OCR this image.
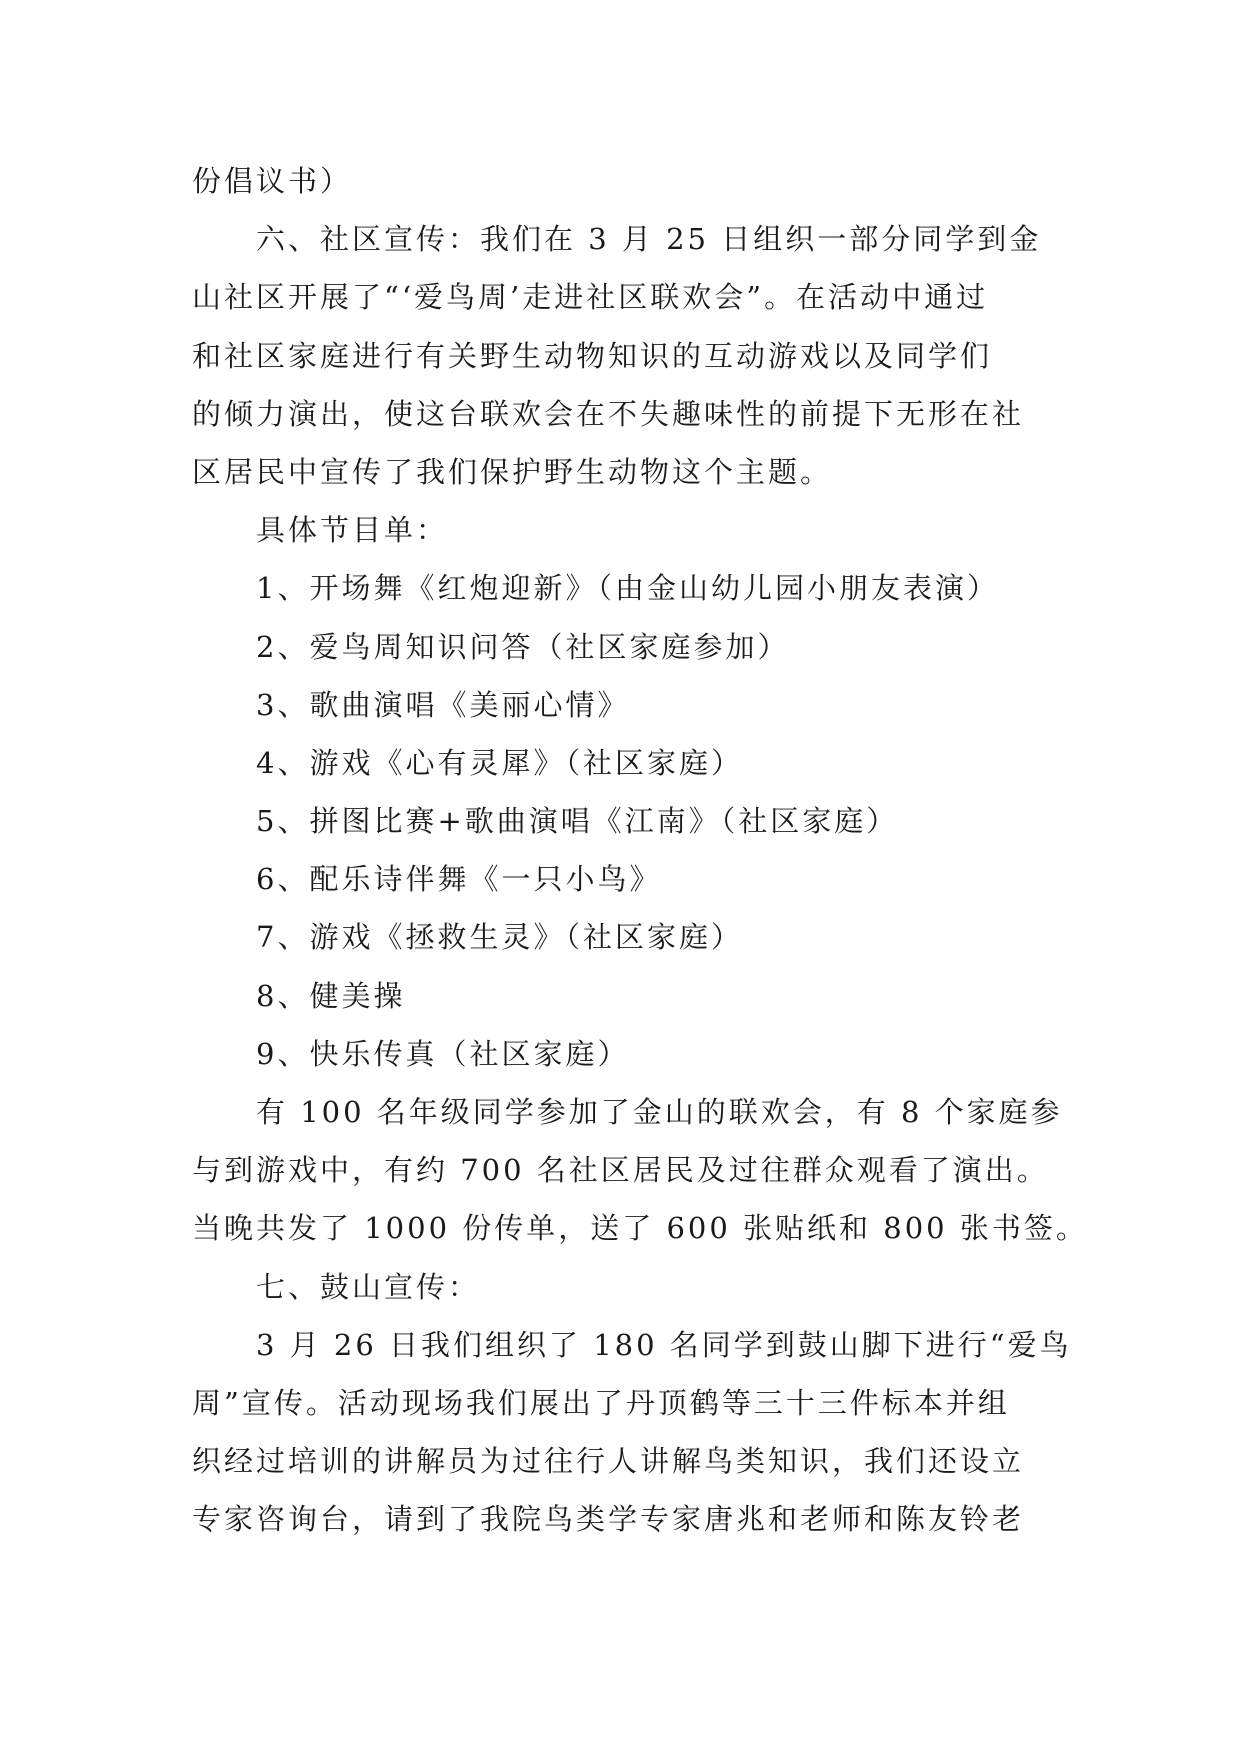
份倡议书）
六、社区宣传：我们在 3 月 25 日组织一部分同学到金
山社区开展了“‘爱鸟周’走进社区联欢会”。在活动中通过
和社区家庭进行有关野生动物知识的互动游戏以及同学们
的倾力演出，使这台联欢会在不失趣味性的前提下无形在社
区居民中宣传了我们保护野生动物这个主题。
具体节目单：
1、开场舞《红炮迎新》（由金山幼儿园小朋友表演）
2、爱鸟周知识问答（社区家庭参加）
3、歌曲演唱《美丽心情》
4、游戏《心有灵犀》（社区家庭）
5、拼图比赛+歌曲演唱《江南》（社区家庭）
6、配乐诗伴舞《一只小鸟》
7、游戏《拯救生灵》（社区家庭）
8、健美操
9、快乐传真（社区家庭）
有 100 名年级同学参加了金山的联欢会，有 8 个家庭参
与到游戏中，有约 700 名社区居民及过往群众观看了演出。
当晚共发了 1000 份传单，送了 600 张贴纸和 800 张书签。
七、鼓山宣传：
3 月 26 日我们组织了 180 名同学到鼓山脚下进行“爱鸟
周”宣传。活动现场我们展出了丹顶鹤等三十三件标本并组
织经过培训的讲解员为过往行人讲解鸟类知识，我们还设立
专家咨询台，请到了我院鸟类学专家唐兆和老师和陈友铃老
